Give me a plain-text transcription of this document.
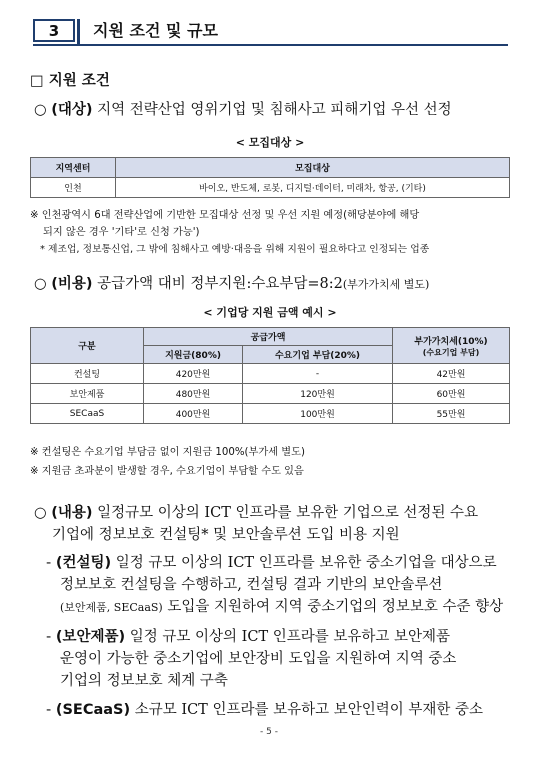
3	지원 조건 및 규모
□ 지원 조건
○ (대상) 지역 전략산업 영위기업 및 침해사고 피해기업 우선 선정
< 모집대상 >
지역센터	모집대상
인천	바이오, 반도체, 로봇, 디지털·데이터, 미래차, 항공, (기타)
※ 인천광역시 6대 전략산업에 기반한 모집대상 선정 및 우선 지원 예정(해당분야에 해당
되지 않은 경우 '기타'로 신청 가능')
* 제조업, 정보통신업, 그 밖에 침해사고 예방·대응을 위해 지원이 필요하다고 인정되는 업종
○ (비용) 공급가액 대비 정부지원:수요부담=8:2(부가가치세 별도)
< 기업당 지원 금액 예시 >
구분	공급가액		부가가치세(10%)
(수요기업 부담)

	지원금(80%)	수요기업 부담(20%)	
컨설팅	420만원	-	42만원
보안제품	480만원	120만원	60만원
SECaaS	400만원	100만원	55만원
※ 컨설팅은 수요기업 부담금 없이 지원금 100%(부가세 별도)
※ 지원금 초과분이 발생할 경우, 수요기업이 부담할 수도 있음
○ (내용) 일정규모 이상의 ICT 인프라를 보유한 기업으로 선정된 수요
기업에 정보보호 컨설팅* 및 보안솔루션 도입 비용 지원
- (컨설팅) 일정 규모 이상의 ICT 인프라를 보유한 중소기업을 대상으로
정보보호 컨설팅을 수행하고, 컨설팅 결과 기반의 보안솔루션
(보안제품, SECaaS) 도입을 지원하여 지역 중소기업의 정보보호 수준 향상
- (보안제품) 일정 규모 이상의 ICT 인프라를 보유하고 보안제품
운영이 가능한 중소기업에 보안장비 도입을 지원하여 지역 중소
기업의 정보보호 체계 구축
- (SECaaS) 소규모 ICT 인프라를 보유하고 보안인력이 부재한 중소
- 5 -
